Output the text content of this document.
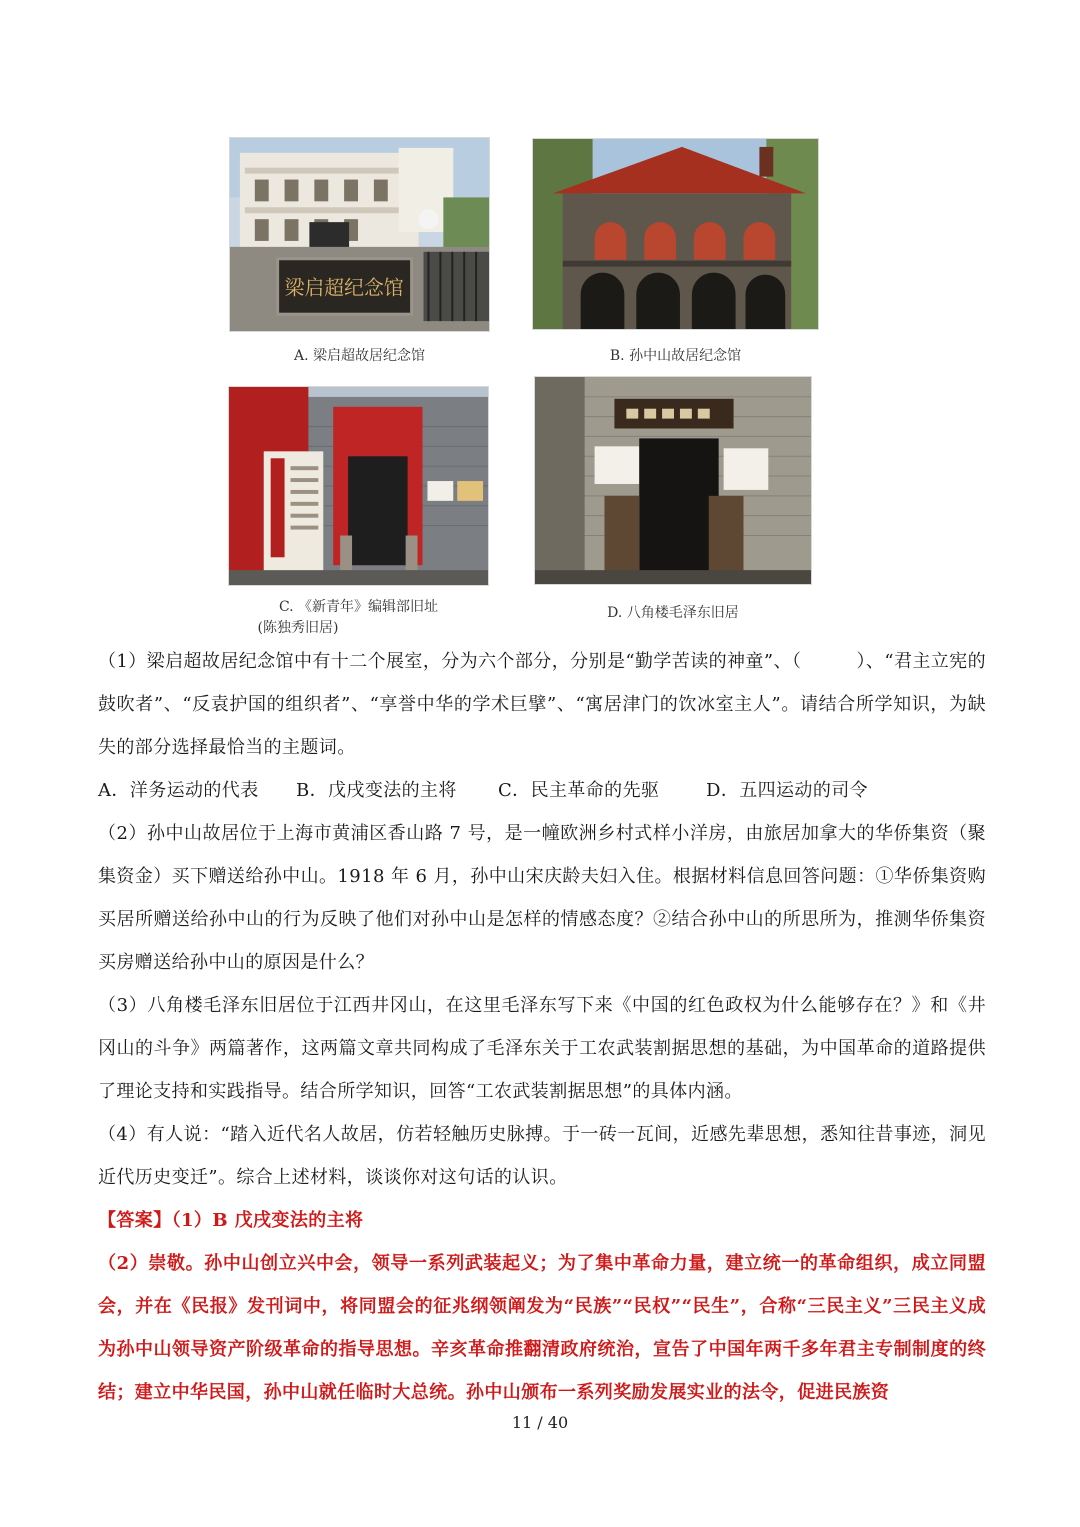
梁启超纪念馆
A. 梁启超故居纪念馆	B. 孙中山故居纪念馆
C. 《新青年》编辑部旧址
(陈独秀旧居)
D. 八角楼毛泽东旧居

（1）梁启超故居纪念馆中有十二个展室，分为六个部分，分别是“勤学苦读的神童”、（　　　）、“君主立宪的鼓吹者”、“反袁护国的组织者”、“享誉中华的学术巨擘”、“寓居津门的饮冰室主人”。请结合所学知识，为缺失的部分选择最恰当的主题词。

A．洋务运动的代表	B．戊戌变法的主将	C．民主革命的先驱	D．五四运动的司令

（2）孙中山故居位于上海市黄浦区香山路 7 号，是一幢欧洲乡村式样小洋房，由旅居加拿大的华侨集资（聚集资金）买下赠送给孙中山。1918 年 6 月，孙中山宋庆龄夫妇入住。根据材料信息回答问题：①华侨集资购买居所赠送给孙中山的行为反映了他们对孙中山是怎样的情感态度？②结合孙中山的所思所为，推测华侨集资买房赠送给孙中山的原因是什么？

（3）八角楼毛泽东旧居位于江西井冈山，在这里毛泽东写下来《中国的红色政权为什么能够存在？》和《井冈山的斗争》两篇著作，这两篇文章共同构成了毛泽东关于工农武装割据思想的基础，为中国革命的道路提供了理论支持和实践指导。结合所学知识，回答“工农武装割据思想”的具体内涵。

（4）有人说：“踏入近代名人故居，仿若轻触历史脉搏。于一砖一瓦间，近感先辈思想，悉知往昔事迹，洞见近代历史变迁”。综合上述材料，谈谈你对这句话的认识。

【答案】（1）B 戊戌变法的主将

（2）崇敬。孙中山创立兴中会，领导一系列武装起义；为了集中革命力量，建立统一的革命组织，成立同盟会，并在《民报》发刊词中，将同盟会的征兆纲领阐发为“民族”“民权”“民生”，合称“三民主义”三民主义成为孙中山领导资产阶级革命的指导思想。辛亥革命推翻清政府统治，宣告了中国年两千多年君主专制制度的终结；建立中华民国，孙中山就任临时大总统。孙中山颁布一系列奖励发展实业的法令，促进民族资

11 / 40
